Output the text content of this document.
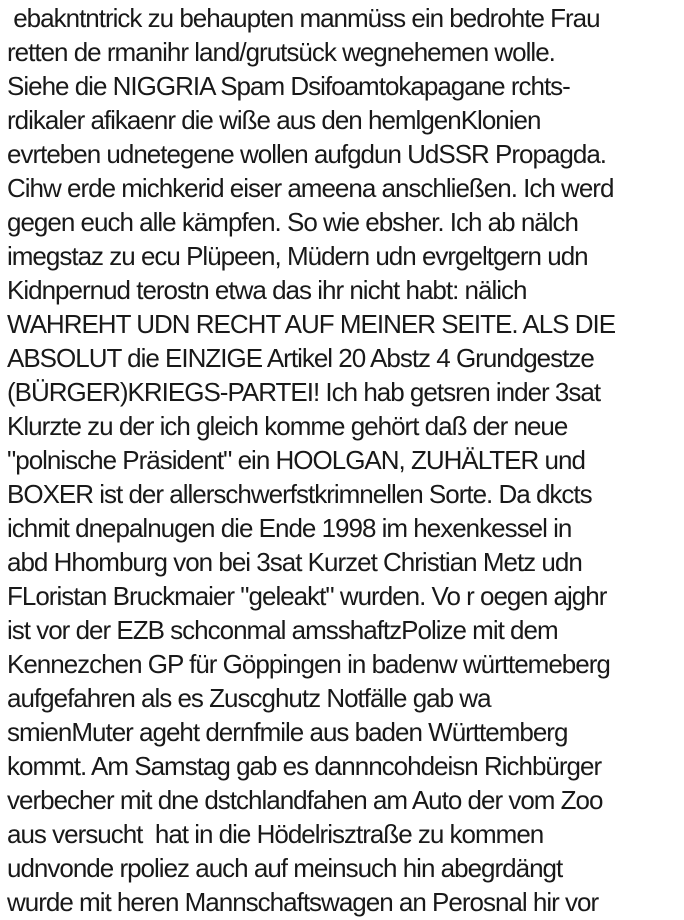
ebakntntrick zu behaupten manmüss ein bedrohte Frau
retten de rmanihr land/grutsück wegnehemen wolle.
Siehe die NIGGRIA Spam Dsifoamtokapagane rchts-
rdikaler afikaenr die wiße aus den hemlgenKlonien
evrteben udnetegene wollen aufgdun UdSSR Propagda.
Cihw erde michkerid eiser ameena anschließen. Ich werd
gegen euch alle kämpfen. So wie ebsher. Ich ab nälch
imegstaz zu ecu Plüpeen, Müdern udn evrgeltgern udn
Kidnpernud terostn etwa das ihr nicht habt: nälich
WAHREHT UDN RECHT AUF MEINER SEITE. ALS DIE
ABSOLUT die EINZIGE Artikel 20 Abstz 4 Grundgestze
(BÜRGER)KRIEGS-PARTEI! Ich hab getsren inder 3sat
Klurzte zu der ich gleich komme gehört daß der neue
"polnische Präsident" ein HOOLGAN, ZUHÄLTER und
BOXER ist der allerschwerfstkrimnellen Sorte. Da dkcts
ichmit dnepalnugen die Ende 1998 im hexenkessel in
abd Hhomburg von bei 3sat Kurzet Christian Metz udn
FLoristan Bruckmaier "geleakt" wurden. Vo r oegen ajghr
ist vor der EZB schconmal amsshaftzPolize mit dem
Kennezchen GP für Göppingen in badenw württemeberg
aufgefahren als es Zuscghutz Notfälle gab wa
smienMuter ageht dernfmile aus baden Württemberg
kommt. Am Samstag gab es dannncohdeisn Richbürger
verbecher mit dne dstchlandfahen am Auto der vom Zoo
aus versucht  hat in die Hödelrisztraße zu kommen
udnvonde rpoliez auch auf meinsuch hin abegrdängt
wurde mit heren Mannschaftswagen an Perosnal hir vor
